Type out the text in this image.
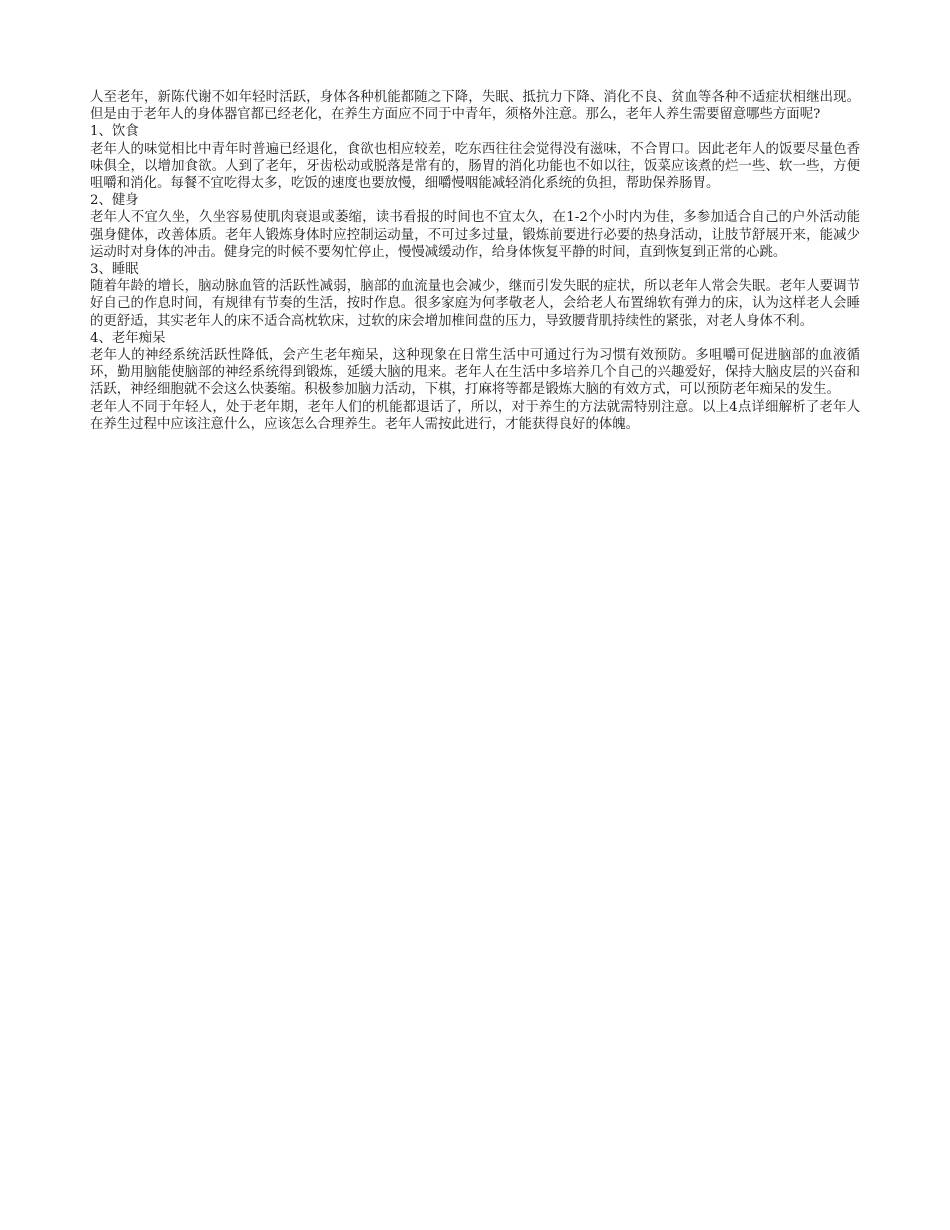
人至老年，新陈代谢不如年轻时活跃，身体各种机能都随之下降，失眠、抵抗力下降、消化不良、贫血等各种不适症状相继出现。但是由于老年人的身体器官都已经老化，在养生方面应不同于中青年，须格外注意。那么，老年人养生需要留意哪些方面呢?

1、饮食

老年人的味觉相比中青年时普遍已经退化，食欲也相应较差，吃东西往往会觉得没有滋味，不合胃口。因此老年人的饭要尽量色香味俱全，以增加食欲。人到了老年，牙齿松动或脱落是常有的，肠胃的消化功能也不如以往，饭菜应该煮的烂一些、软一些，方便咀嚼和消化。每餐不宜吃得太多，吃饭的速度也要放慢，细嚼慢咽能减轻消化系统的负担，帮助保养肠胃。

2、健身

老年人不宜久坐，久坐容易使肌肉衰退或萎缩，读书看报的时间也不宜太久，在1-2个小时内为佳，多参加适合自己的户外活动能强身健体，改善体质。老年人锻炼身体时应控制运动量，不可过多过量，锻炼前要进行必要的热身活动，让肢节舒展开来，能减少运动时对身体的冲击。健身完的时候不要匆忙停止，慢慢减缓动作，给身体恢复平静的时间，直到恢复到正常的心跳。

3、睡眠

随着年龄的增长，脑动脉血管的活跃性减弱，脑部的血流量也会减少，继而引发失眠的症状，所以老年人常会失眠。老年人要调节好自己的作息时间，有规律有节奏的生活，按时作息。很多家庭为何孝敬老人，会给老人布置绵软有弹力的床，认为这样老人会睡的更舒适，其实老年人的床不适合高枕软床，过软的床会增加椎间盘的压力，导致腰背肌持续性的紧张，对老人身体不利。

4、老年痴呆

老年人的神经系统活跃性降低，会产生老年痴呆，这种现象在日常生活中可通过行为习惯有效预防。多咀嚼可促进脑部的血液循环，勤用脑能使脑部的神经系统得到锻炼，延缓大脑的甩来。老年人在生活中多培养几个自己的兴趣爱好，保持大脑皮层的兴奋和活跃，神经细胞就不会这么快萎缩。积极参加脑力活动，下棋，打麻将等都是锻炼大脑的有效方式，可以预防老年痴呆的发生。

老年人不同于年轻人，处于老年期，老年人们的机能都退话了，所以，对于养生的方法就需特别注意。以上4点详细解析了老年人在养生过程中应该注意什么，应该怎么合理养生。老年人需按此进行，才能获得良好的体魄。
